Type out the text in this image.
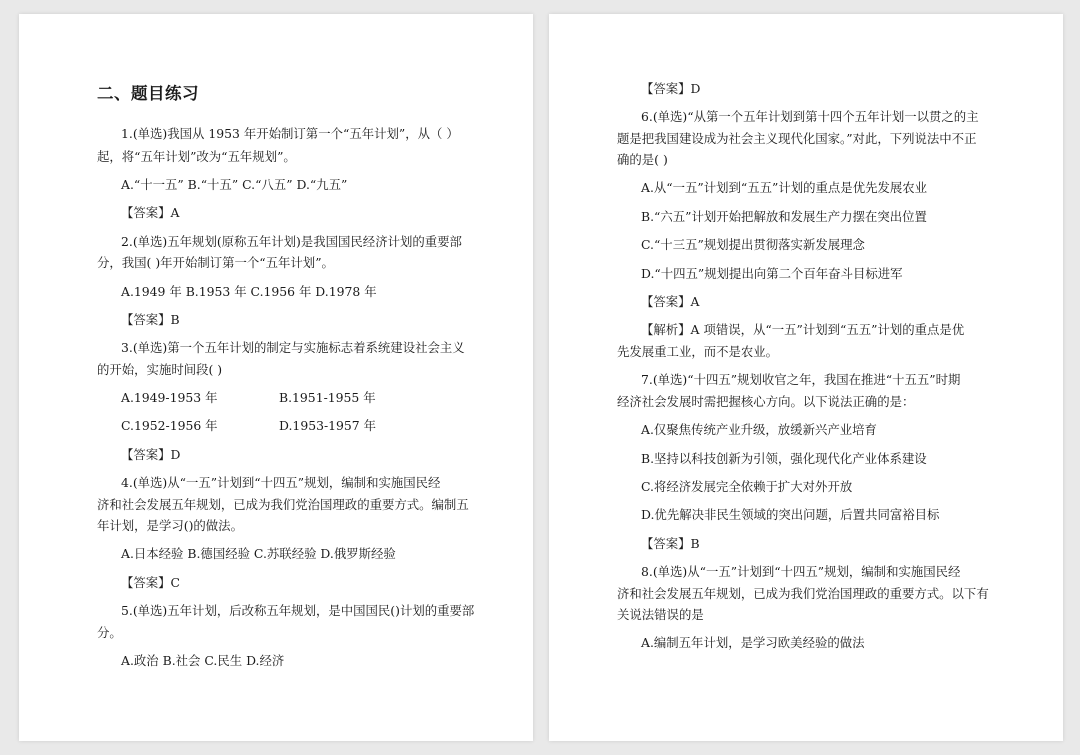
二、题目练习
1.(单选)我国从 1953 年开始制订第一个“五年计划”，从（ ）
起，将“五年计划”改为“五年规划”。
A.“十一五” B.“十五” C.“八五” D.“九五”
【答案】A
2.(单选)五年规划(原称五年计划)是我国国民经济计划的重要部
分，我国( )年开始制订第一个“五年计划”。
A.1949 年 B.1953 年 C.1956 年 D.1978 年
【答案】B
3.(单选)第一个五年计划的制定与实施标志着系统建设社会主义
的开始，实施时间段( )
A.1949-1953 年	B.1951-1955 年
C.1952-1956 年	D.1953-1957 年
【答案】D
4.(单选)从“一五”计划到“十四五”规划，编制和实施国民经
济和社会发展五年规划，已成为我们党治国理政的重要方式。编制五
年计划，是学习()的做法。
A.日本经验 B.德国经验 C.苏联经验 D.俄罗斯经验
【答案】C
5.(单选)五年计划，后改称五年规划，是中国国民()计划的重要部
分。
A.政治 B.社会 C.民生 D.经济
【答案】D
6.(单选)“从第一个五年计划到第十四个五年计划一以贯之的主
题是把我国建设成为社会主义现代化国家。”对此，下列说法中不正
确的是( )
A.从“一五”计划到“五五”计划的重点是优先发展农业
B.“六五”计划开始把解放和发展生产力摆在突出位置
C.“十三五”规划提出贯彻落实新发展理念
D.“十四五”规划提出向第二个百年奋斗目标进军
【答案】A
【解析】A 项错误，从“一五”计划到“五五”计划的重点是优
先发展重工业，而不是农业。
7.(单选)“十四五”规划收官之年，我国在推进“十五五”时期
经济社会发展时需把握核心方向。以下说法正确的是：
A.仅聚焦传统产业升级，放缓新兴产业培育
B.坚持以科技创新为引领，强化现代化产业体系建设
C.将经济发展完全依赖于扩大对外开放
D.优先解决非民生领域的突出问题，后置共同富裕目标
【答案】B
8.(单选)从“一五”计划到“十四五”规划，编制和实施国民经
济和社会发展五年规划，已成为我们党治国理政的重要方式。以下有
关说法错误的是
A.编制五年计划，是学习欧美经验的做法
